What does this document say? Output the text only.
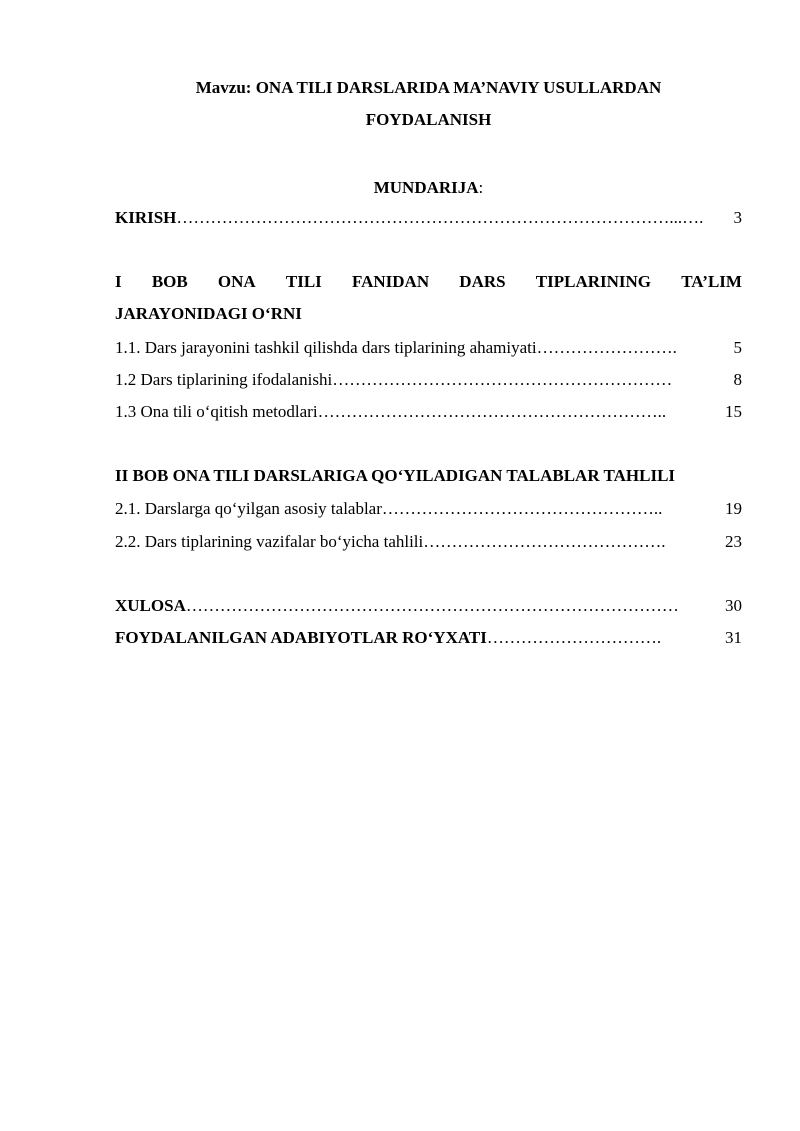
Mavzu: ONA TILI DARSLARIDA MA’NAVIY USULLARDAN

FOYDALANISH

MUNDARIJA:

KIRISH ……………………………………………………………………………...….	3
I BOB ONA TILI FANIDAN DARS TIPLARINING TA’LIM
JARAYONIDAGI O‘RNI
1.1. Dars jarayonini tashkil qilishda dars tiplarining ahamiyati …………………….	5
1.2 Dars tiplarining ifodalanishi ……………………………………………………	8
1.3 Ona tili o‘qitish metodlari ……………………………………………………..	15
II BOB ONA TILI DARSLARIGA QO‘YILADIGAN TALABLAR TAHLILI
2.1. Darslarga qo‘yilgan asosiy talablar …………………………………………..	19
2.2. Dars tiplarining vazifalar bo‘yicha tahlili …………………………………….	23
XULOSA ……………………………………………………………………………	30
FOYDALANILGAN ADABIYOTLAR RO‘YXATI ………………………….	31
